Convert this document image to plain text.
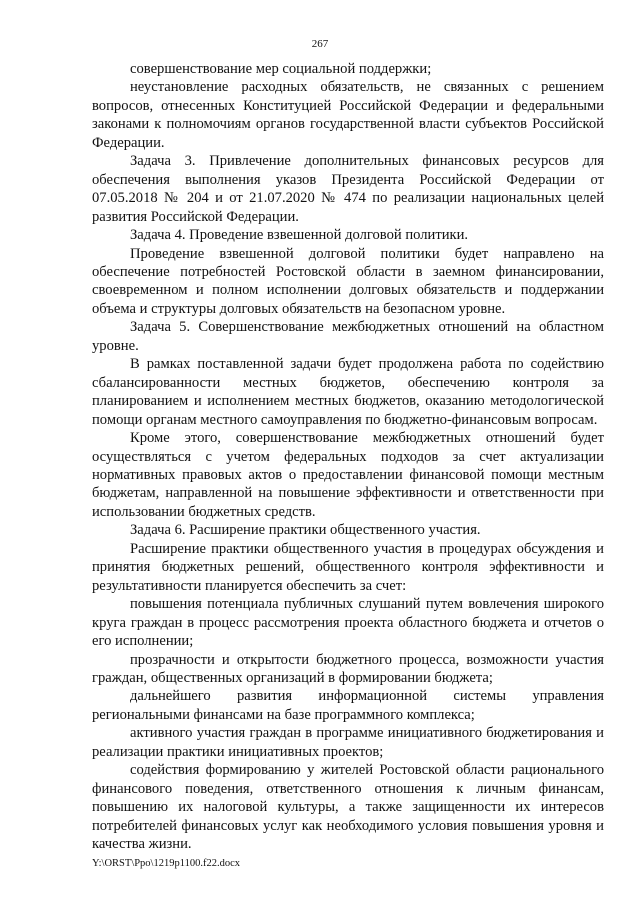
267

совершенствование мер социальной поддержки;

неустановление расходных обязательств, не связанных с решением вопросов, отнесенных Конституцией Российской Федерации и федеральными законами к полномочиям органов государственной власти субъектов Российской Федерации.

Задача 3. Привлечение дополнительных финансовых ресурсов для обеспечения выполнения указов Президента Российской Федерации от 07.05.2018 № 204 и от 21.07.2020 № 474 по реализации национальных целей развития Российской Федерации.

Задача 4. Проведение взвешенной долговой политики.

Проведение взвешенной долговой политики будет направлено на обеспечение потребностей Ростовской области в заемном финансировании, своевременном и полном исполнении долговых обязательств и поддержании объема и структуры долговых обязательств на безопасном уровне.

Задача 5. Совершенствование межбюджетных отношений на областном уровне.

В рамках поставленной задачи будет продолжена работа по содействию сбалансированности местных бюджетов, обеспечению контроля за планированием и исполнением местных бюджетов, оказанию методологической помощи органам местного самоуправления по бюджетно-финансовым вопросам.

Кроме этого, совершенствование межбюджетных отношений будет осуществляться с учетом федеральных подходов за счет актуализации нормативных правовых актов о предоставлении финансовой помощи местным бюджетам, направленной на повышение эффективности и ответственности при использовании бюджетных средств.

Задача 6. Расширение практики общественного участия.

Расширение практики общественного участия в процедурах обсуждения и принятия бюджетных решений, общественного контроля эффективности и результативности планируется обеспечить за счет:

повышения потенциала публичных слушаний путем вовлечения широкого круга граждан в процесс рассмотрения проекта областного бюджета и отчетов о его исполнении;

прозрачности и открытости бюджетного процесса, возможности участия граждан, общественных организаций в формировании бюджета;

дальнейшего развития информационной системы управления региональными финансами на базе программного комплекса;

активного участия граждан в программе инициативного бюджетирования и реализации практики инициативных проектов;

содействия формированию у жителей Ростовской области рационального финансового поведения, ответственного отношения к личным финансам, повышению их налоговой культуры, а также защищенности их интересов потребителей финансовых услуг как необходимого условия повышения уровня и качества жизни.

Y:\ORST\Ppo\1219p1100.f22.docx
